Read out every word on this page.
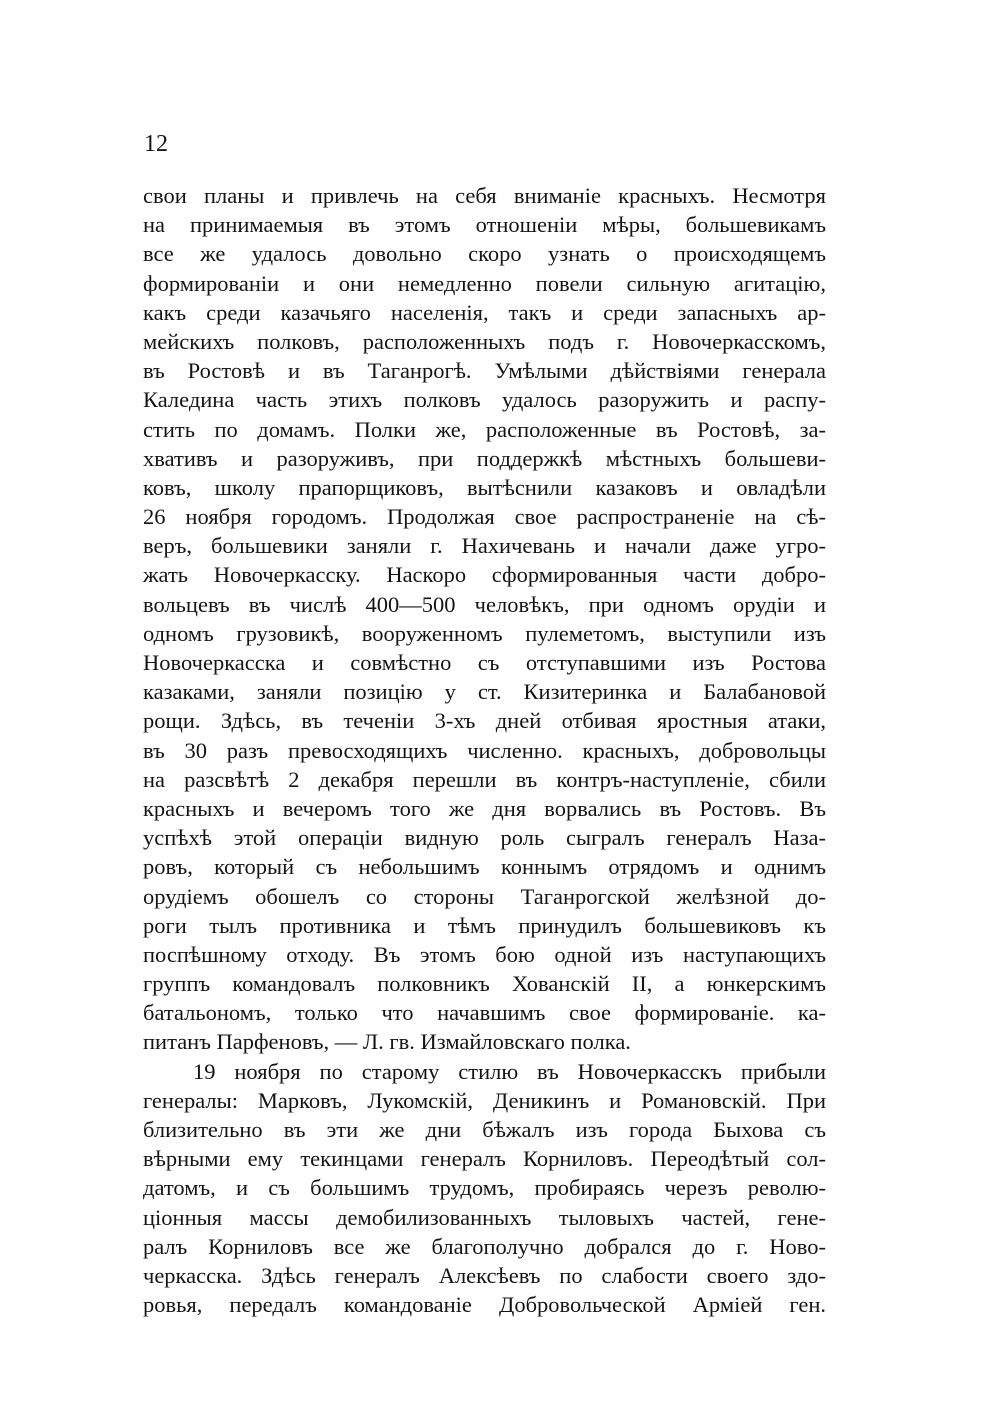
12
свои планы и привлечь на себя вниманіе красныхъ. Несмотря
на принимаемыя въ этомъ отношеніи мѣры, большевикамъ
все же удалось довольно скоро узнать о происходящемъ
формированіи и они немедленно повели сильную агитацію,
какъ среди казачьяго населенія, такъ и среди запасныхъ ар-
мейскихъ полковъ, расположенныхъ подъ г. Новочеркасскомъ,
въ Ростовѣ и въ Таганрогѣ. Умѣлыми дѣйствіями генерала
Каледина часть этихъ полковъ удалось разоружить и распу-
стить по домамъ. Полки же, расположенные въ Ростовѣ, за-
хвативъ и разоруживъ, при поддержкѣ мѣстныхъ большеви-
ковъ, школу прапорщиковъ, вытѣснили казаковъ и овладѣли
26 ноября городомъ. Продолжая свое распространеніе на сѣ-
веръ, большевики заняли г. Нахичевань и начали даже угро-
жать Новочеркасску. Наскоро сформированныя части добро-
вольцевъ въ числѣ 400—500 человѣкъ, при одномъ орудіи и
одномъ грузовикѣ, вооруженномъ пулеметомъ, выступили изъ
Новочеркасска и совмѣстно съ отступавшими изъ Ростова
казаками, заняли позицію у ст. Кизитеринка и Балабановой
рощи. Здѣсь, въ теченіи 3-хъ дней отбивая яростныя атаки,
въ 30 разъ превосходящихъ численно. красныхъ, добровольцы
на разсвѣтѣ 2 декабря перешли въ контръ-наступленіе, сбили
красныхъ и вечеромъ того же дня ворвались въ Ростовъ. Въ
успѣхѣ этой операціи видную роль сыгралъ генералъ Наза-
ровъ, который съ небольшимъ коннымъ отрядомъ и однимъ
орудіемъ обошелъ со стороны Таганрогской желѣзной до-
роги тылъ противника и тѣмъ принудилъ большевиковъ къ
поспѣшному отходу. Въ этомъ бою одной изъ наступающихъ
группъ командовалъ полковникъ Хованскій II, а юнкерскимъ
батальономъ, только что начавшимъ свое формированіе. ка-
питанъ Парфеновъ, — Л. гв. Измайловскаго полка.
19 ноября по старому стилю въ Новочеркасскъ прибыли
генералы: Марковъ, Лукомскій, Деникинъ и Романовскій. При
близительно въ эти же дни бѣжалъ изъ города Быхова съ
вѣрными ему текинцами генералъ Корниловъ. Переодѣтый сол-
датомъ, и съ большимъ трудомъ, пробираясь черезъ револю-
ціонныя массы демобилизованныхъ тыловыхъ частей, гене-
ралъ Корниловъ все же благополучно добрался до г. Ново-
черкасска. Здѣсь генералъ Алексѣевъ по слабости своего здо-
ровья, передалъ командованіе Добровольческой Арміей ген.
